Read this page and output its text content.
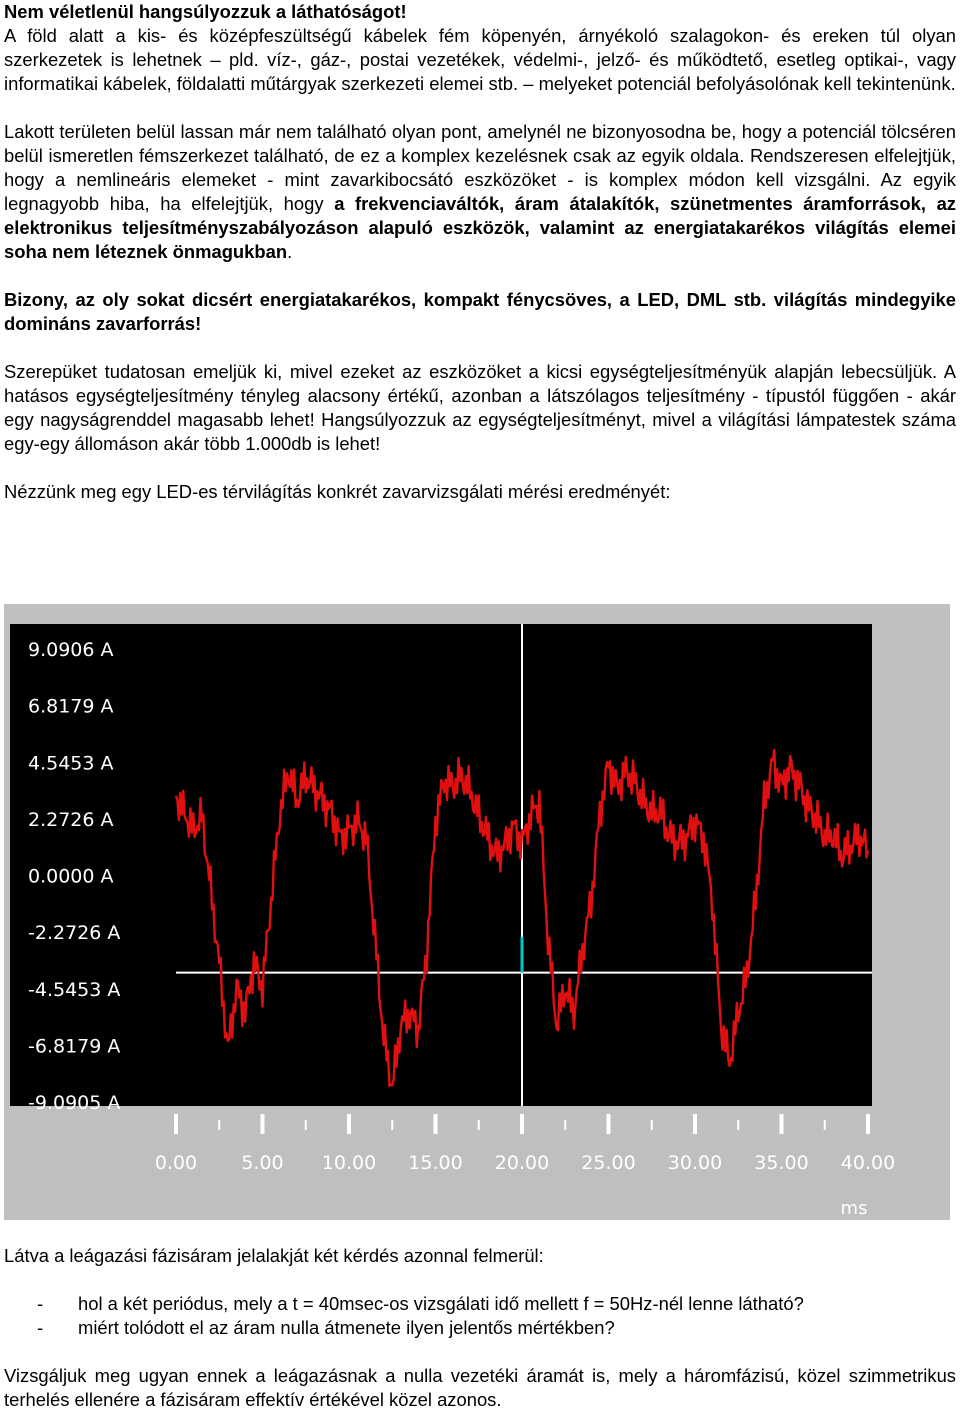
Nem véletlenül hangsúlyozzuk a láthatóságot!

A föld alatt a kis- és középfeszültségű kábelek fém köpenyén, árnyékoló szalagokon- és ereken túl olyan szerkezetek is lehetnek – pld. víz-, gáz-, postai vezetékek, védelmi-, jelző- és működtető, esetleg optikai-, vagy informatikai kábelek, földalatti műtárgyak szerkezeti elemei stb. – melyeket potenciál befolyásolónak kell tekintenünk.

Lakott területen belül lassan már nem található olyan pont, amelynél ne bizonyosodna be, hogy a potenciál tölcséren belül ismeretlen fémszerkezet található, de ez a komplex kezelésnek csak az egyik oldala. Rendszeresen elfelejtjük, hogy a nemlineáris elemeket - mint zavarkibocsátó eszközöket - is komplex módon kell vizsgálni. Az egyik legnagyobb hiba, ha elfelejtjük, hogy a frekvenciaváltók, áram átalakítók, szünetmentes áramforrások, az elektronikus teljesítményszabályozáson alapuló eszközök, valamint az energiatakarékos világítás elemei soha nem léteznek önmagukban.

Bizony, az oly sokat dicsért energiatakarékos, kompakt fénycsöves, a LED, DML stb. világítás mindegyike domináns zavarforrás!

Szerepüket tudatosan emeljük ki, mivel ezeket az eszközöket a kicsi egységteljesítményük alapján lebecsüljük. A hatásos egységteljesítmény tényleg alacsony értékű, azonban a látszólagos teljesítmény - típustól függően - akár egy nagyságrenddel magasabb lehet! Hangsúlyozzuk az egységteljesítményt, mivel a világítási lámpatestek száma egy-egy állomáson akár több 1.000db is lehet!

Nézzünk meg egy LED-es térvilágítás konkrét zavarvizsgálati mérési eredményét:

9.0906 A
6.8179 A
4.5453 A
2.2726 A
0.0000 A
-2.2726 A
-4.5453 A
-6.8179 A
-9.0905 A
0.00 5.00 10.00 15.00 20.00 25.00 30.00 35.00 40.00
ms

Látva a leágazási fázisáram jelalakját két kérdés azonnal felmerül:

- hol a két periódus, mely a t = 40msec-os vizsgálati idő mellett f = 50Hz-nél lenne látható?
- miért tolódott el az áram nulla átmenete ilyen jelentős mértékben?

Vizsgáljuk meg ugyan ennek a leágazásnak a nulla vezetéki áramát is, mely a háromfázisú, közel szimmetrikus terhelés ellenére a fázisáram effektív értékével közel azonos.
